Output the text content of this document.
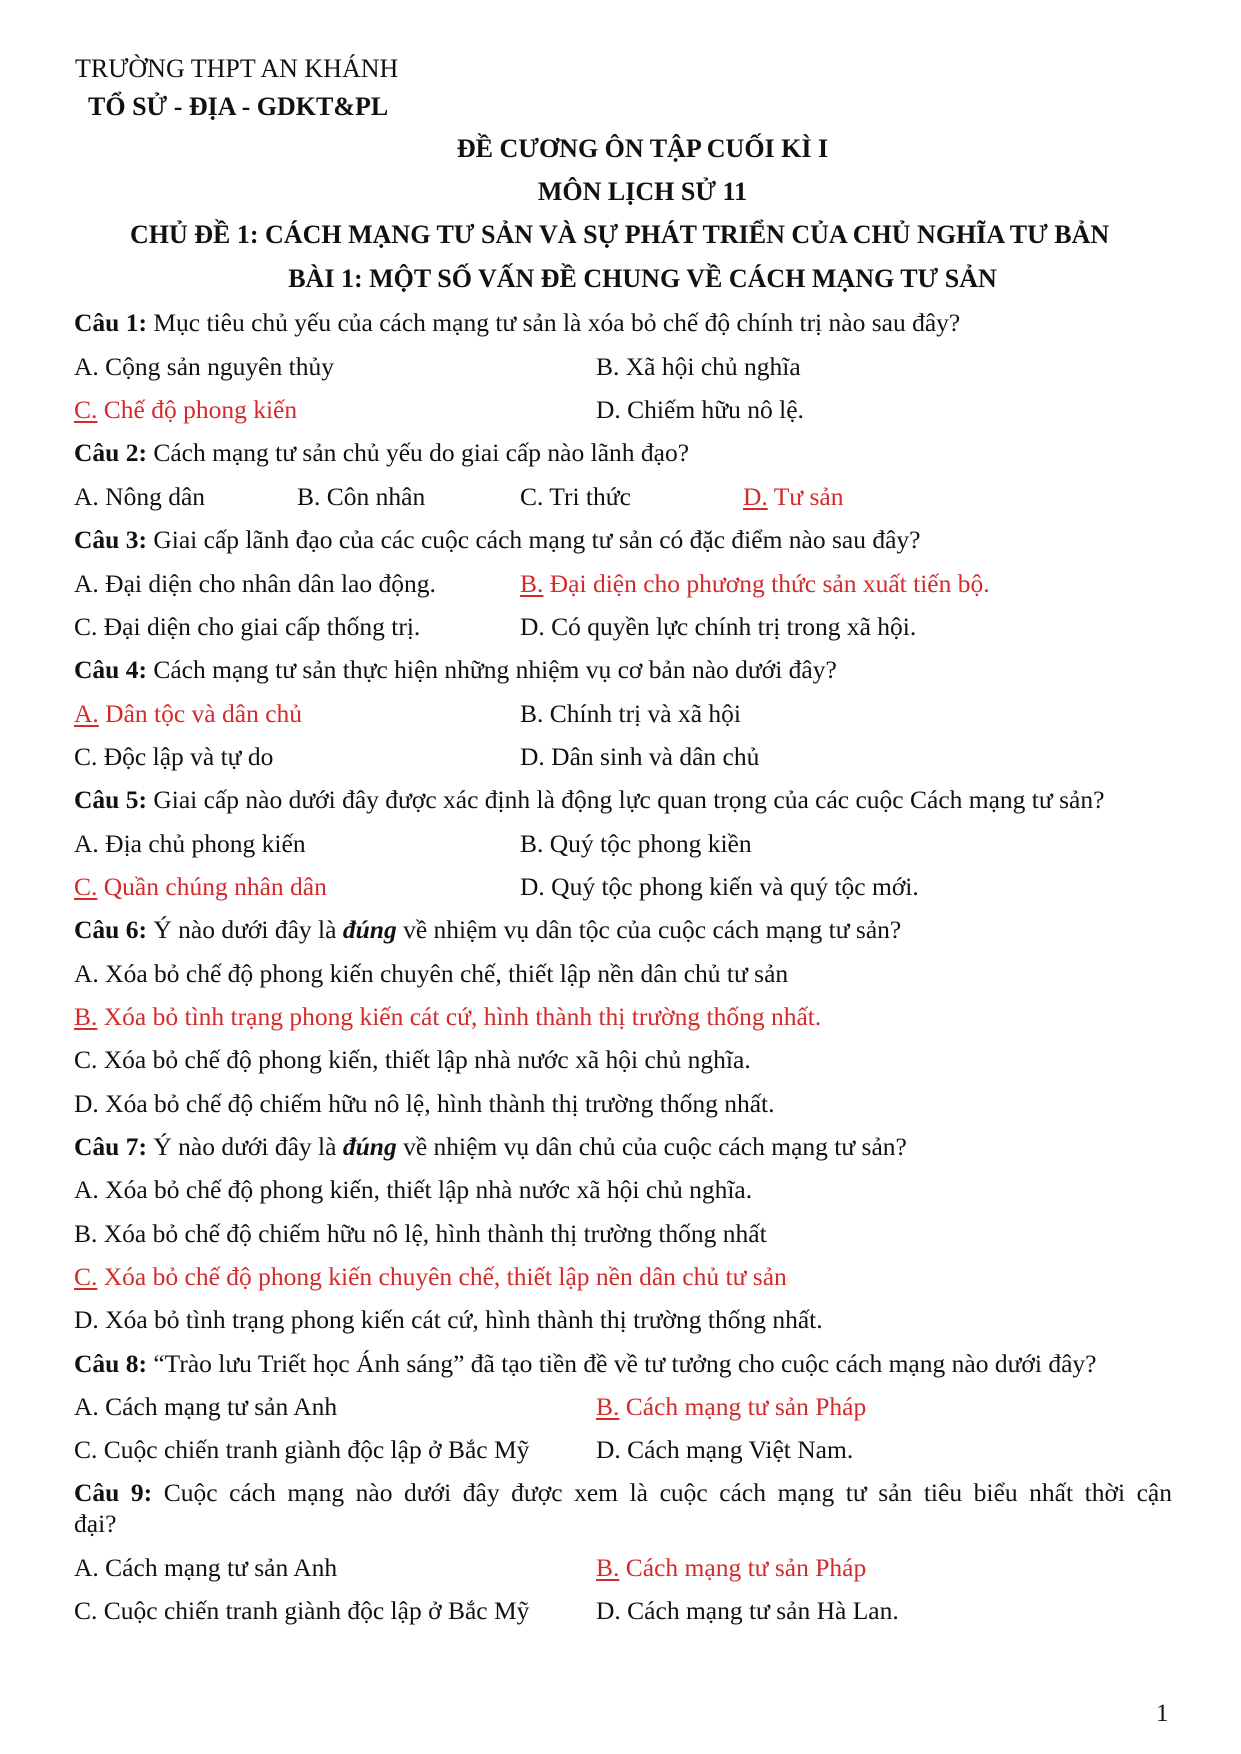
TRƯỜNG THPT AN KHÁNH
TỔ SỬ - ĐỊA - GDKT&PL
ĐỀ CƯƠNG ÔN TẬP CUỐI KÌ I
MÔN LỊCH SỬ 11
CHỦ ĐỀ 1: CÁCH MẠNG TƯ SẢN VÀ SỰ PHÁT TRIỂN CỦA CHỦ NGHĨA TƯ BẢN
BÀI 1: MỘT SỐ VẤN ĐỀ CHUNG VỀ CÁCH MẠNG TƯ SẢN
Câu 1: Mục tiêu chủ yếu của cách mạng tư sản là xóa bỏ chế độ chính trị nào sau đây?
A. Cộng sản nguyên thủy	B. Xã hội chủ nghĩa
C. Chế độ phong kiến	D. Chiếm hữu nô lệ.
Câu 2: Cách mạng tư sản chủ yếu do giai cấp nào lãnh đạo?
A. Nông dân	B. Côn nhân	C. Tri thức	D. Tư sản
Câu 3: Giai cấp lãnh đạo của các cuộc cách mạng tư sản có đặc điểm nào sau đây?
A. Đại diện cho nhân dân lao động.	B. Đại diện cho phương thức sản xuất tiến bộ.
C. Đại diện cho giai cấp thống trị.	D. Có quyền lực chính trị trong xã hội.
Câu 4: Cách mạng tư sản thực hiện những nhiệm vụ cơ bản nào dưới đây?
A. Dân tộc và dân chủ	B. Chính trị và xã hội
C. Độc lập và tự do	D. Dân sinh và dân chủ
Câu 5: Giai cấp nào dưới đây được xác định là động lực quan trọng của các cuộc Cách mạng tư sản?
A. Địa chủ phong kiến	B. Quý tộc phong kiền
C. Quần chúng nhân dân	D. Quý tộc phong kiến và quý tộc mới.
Câu 6: Ý nào dưới đây là đúng về nhiệm vụ dân tộc của cuộc cách mạng tư sản?
A. Xóa bỏ chế độ phong kiến chuyên chế, thiết lập nền dân chủ tư sản
B. Xóa bỏ tình trạng phong kiến cát cứ, hình thành thị trường thống nhất.
C. Xóa bỏ chế độ phong kiến, thiết lập nhà nước xã hội chủ nghĩa.
D. Xóa bỏ chế độ chiếm hữu nô lệ, hình thành thị trường thống nhất.
Câu 7: Ý nào dưới đây là đúng về nhiệm vụ dân chủ của cuộc cách mạng tư sản?
A. Xóa bỏ chế độ phong kiến, thiết lập nhà nước xã hội chủ nghĩa.
B. Xóa bỏ chế độ chiếm hữu nô lệ, hình thành thị trường thống nhất
C. Xóa bỏ chế độ phong kiến chuyên chế, thiết lập nền dân chủ tư sản
D. Xóa bỏ tình trạng phong kiến cát cứ, hình thành thị trường thống nhất.
Câu 8: “Trào lưu Triết học Ánh sáng” đã tạo tiền đề về tư tưởng cho cuộc cách mạng nào dưới đây?
A. Cách mạng tư sản Anh	B. Cách mạng tư sản Pháp
C. Cuộc chiến tranh giành độc lập ở Bắc Mỹ	D. Cách mạng Việt Nam.
Câu 9: Cuộc cách mạng nào dưới đây được xem là cuộc cách mạng tư sản tiêu biểu nhất thời cận
đại?
A. Cách mạng tư sản Anh	B. Cách mạng tư sản Pháp
C. Cuộc chiến tranh giành độc lập ở Bắc Mỹ	D. Cách mạng tư sản Hà Lan.
1
